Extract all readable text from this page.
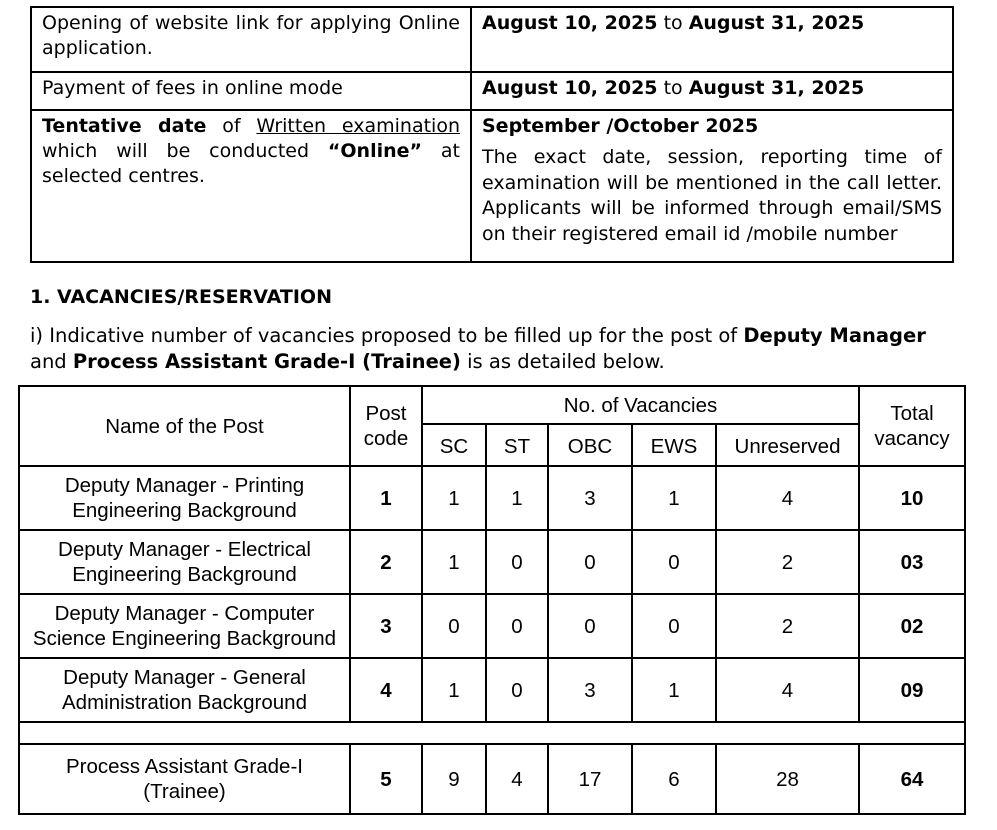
Opening of website link for applying Online application.	August 10, 2025 to August 31, 2025
Payment of fees in online mode	August 10, 2025 to August 31, 2025
Tentative date of Written examination which will be conducted “Online” at selected centres.	September /October 2025
The exact date, session, reporting time of examination will be mentioned in the call letter. Applicants will be informed through email/SMS on their registered email id /mobile number
1. VACANCIES/RESERVATION

i) Indicative number of vacancies proposed to be filled up for the post of Deputy Manager and Process Assistant Grade-I (Trainee) is as detailed below.

Name of the Post	Post code	No. of Vacancies					Total vacancy
		SC	ST	OBC	EWS	Unreserved	
Deputy Manager - Printing Engineering Background	1	1	1	3	1	4	10
Deputy Manager - Electrical Engineering Background	2	1	0	0	0	2	03
Deputy Manager - Computer Science Engineering Background	3	0	0	0	0	2	02
Deputy Manager - General Administration Background	4	1	0	3	1	4	09

Process Assistant Grade-I (Trainee)	5	9	4	17	6	28	64
